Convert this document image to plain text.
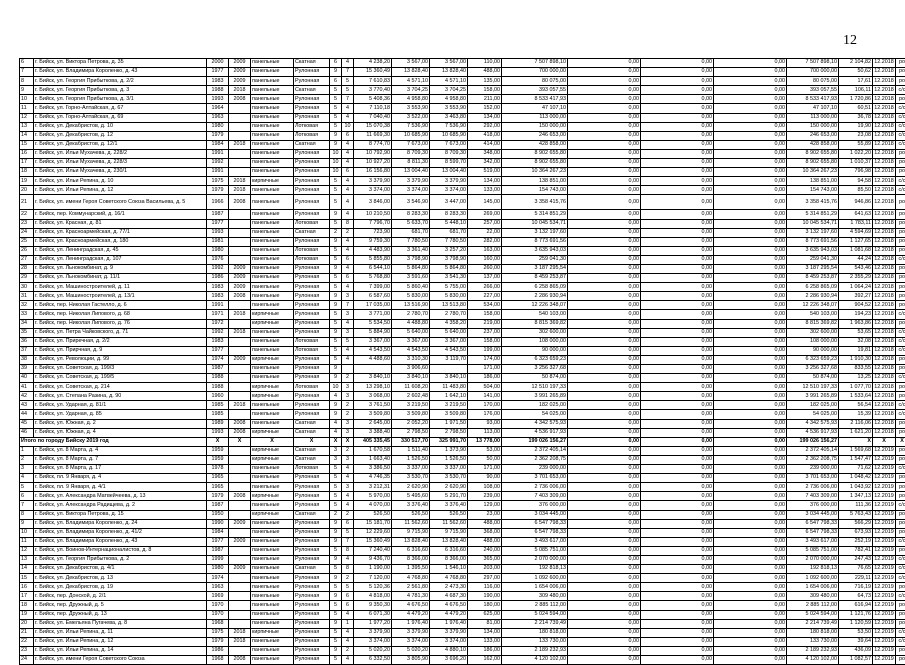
12
6	г. Бийск, ул. Виктора Петрова, д. 35	2000	2009	панельные	Скатная	6	4	4 238,20	3 567,00	3 567,00	110,00	7 507 898,10	0,00	0,00	0,00	7 507 898,10	2 104,82	12.2018	ро
7	г. Бийск, ул. Владимира Короленко, д. 43	1977	2009	панельные	Рулонная	9	7	15 360,49	13 828,40	13 828,40	488,00	700 000,00	0,00	0,00	0,00	700 000,00	50,62	12.2018	ро
8	г. Бийск, ул. Георгия Прибыткова, д. 2/2	1983	2009	панельные	Рулонная	6	5	7 610,83	4 571,10	4 571,10	135,00	80 075,00	0,00	0,00	0,00	80 075,00	17,61	12.2018	ро
9	г. Бийск, ул. Георгия Прибыткова, д. 3	1988	2018	панельные	Скатная	5	5	3 770,40	3 704,25	3 704,25	158,00	393 057,55	0,00	0,00	0,00	393 057,55	106,11	12.2018	с/с
10	г. Бийск, ул. Георгия Прибыткова, д. 3/1	1993	2008	панельные	Рулонная	5	7	5 408,36	4 958,80	4 958,80	211,00	8 533 417,93	0,00	0,00	0,00	8 533 417,93	1 720,86	12.2018	ро
11	г. Бийск, ул. Горно-Алтайская, д. 67	1964		панельные	Рулонная	5	4	7 110,18	3 553,90	3 553,90	152,00	47 107,10	0,00	0,00	0,00	47 107,10	60,51	12.2018	с/с
12	г. Бийск, ул. Горно-Алтайская, д. 69	1963		панельные	Рулонная	5	4	7 040,40	3 522,00	3 463,80	134,00	113 000,00	0,00	0,00	0,00	113 000,00	36,78	12.2018	с/с
13	г. Бийск, ул. Декабристов, д. 10	1980		панельные	Лотковая	5	10	15 070,38	7 536,90	7 536,90	292,00	150 000,00	0,00	0,00	0,00	150 000,00	19,90	12.2018	с/с
14	г. Бийск, ул. Декабристов, д. 12	1979		панельные	Лотковая	9	6	11 669,30	10 685,90	10 685,90	418,00	246 653,00	0,00	0,00	0,00	246 653,00	23,08	12.2018	с/с
15	г. Бийск, ул. Декабристов, д. 12/1	1984	2018	панельные	Скатная	9	4	8 774,70	7 673,00	7 673,00	414,00	428 858,00	0,00	0,00	0,00	428 858,00	55,89	12.2018	с/с
16	г. Бийск, ул. Ильи Мухачева, д. 228/2	1991		панельные	Рулонная	10	4	10 792,90	8 709,30	8 709,30	348,00	8 902 655,80	0,00	0,00	0,00	8 902 655,80	1 022,20	12.2018	ро
17	г. Бийск, ул. Ильи Мухачева, д. 228/3	1992		панельные	Рулонная	10	4	10 927,20	8 811,30	8 599,70	342,00	8 902 655,80	0,00	0,00	0,00	8 902 655,80	1 010,37	12.2018	ро
18	г. Бийск, ул. Ильи Мухачева, д. 230/1	1991		панельные	Рулонная	10	6	16 156,80	13 004,40	13 004,40	519,00	10 364 267,23	0,00	0,00	0,00	10 364 267,23	796,98	12.2018	ро
19	г. Бийск, ул. Ильи Репина, д. 10	1975	2018	кирпичные	Рулонная	5	4	3 379,90	3 379,90	3 379,90	134,00	138 851,00	0,00	0,00	0,00	138 851,00	94,58	12.2018	с/с
20	г. Бийск, ул. Ильи Репина, д. 12	1979	2018	панельные	Рулонная	5	4	3 374,00	3 374,00	3 374,00	133,00	154 743,00	0,00	0,00	0,00	154 743,00	85,50	12.2018	с/с
21	г. Бийск, ул. имени Героя Советского Союза Васильева, д. 5	1966	2008	панельные	Рулонная	5	4	3 846,00	3 546,90	3 447,00	145,00	3 358 415,76	0,00	0,00	0,00	3 358 415,76	946,86	12.2018	ро
22	г. Бийск, пер. Коммунарский, д. 16/1	1987		панельные	Рулонная	9	4	10 210,50	8 283,30	8 283,30	269,00	5 314 851,29	0,00	0,00	0,00	5 314 851,29	641,63	12.2018	ро
23	г. Бийск, ул. Красная, д. 81	1977		панельные	Лотковая	5	8	7 796,70	5 633,70	5 448,10	257,00	10 045 534,71	0,00	0,00	0,00	10 045 534,71	1 783,11	12.2018	ро
24	г. Бийск, ул. Красноармейская, д. 77/1	1993		панельные	Скатная	2	2	723,90	681,70	681,70	22,00	3 132 197,60	0,00	0,00	0,00	3 132 197,60	4 594,69	12.2018	ро
25	г. Бийск, ул. Красноармейская, д. 180	1981		панельные	Рулонная	9	4	9 759,30	7 780,50	7 780,50	282,00	8 773 691,56	0,00	0,00	0,00	8 773 691,56	1 127,65	12.2018	ро
26	г. Бийск, ул. Ленинградская, д. 45	1980		панельные	Лотковая	5	4	4 483,90	3 361,40	3 257,20	163,00	3 635 943,03	0,00	0,00	0,00	3 635 943,03	1 081,68	12.2018	ро
27	г. Бийск, ул. Ленинградская, д. 107	1976		панельные	Лотковая	5	6	5 855,80	3 798,90	3 798,90	160,00	259 041,30	0,00	0,00	0,00	259 041,30	44,24	12.2018	с/с
28	г. Бийск, ул. Льнокомбинат, д. 9	1992	2009	панельные	Рулонная	9	4	6 544,10	5 864,80	5 864,80	260,00	3 187 295,54	0,00	0,00	0,00	3 187 295,54	543,46	12.2018	ро
29	г. Бийск, ул. Льнокомбинат, д. 11/1	1986	2009	панельные	Рулонная	5	6	5 768,80	3 591,60	3 541,30	137,00	8 459 253,87	0,00	0,00	0,00	8 459 253,87	2 355,29	12.2018	ро
30	г. Бийск, ул. Машиностроителей, д. 11	1983	2009	панельные	Рулонная	5	4	7 399,00	5 860,40	5 755,00	266,00	6 258 865,09	0,00	0,00	0,00	6 258 865,09	1 064,24	12.2018	ро
31	г. Бийск, ул. Машиностроителей, д. 13/1	1983	2008	панельные	Рулонная	9	3	6 587,60	5 830,00	5 830,00	227,00	2 286 930,94	0,00	0,00	0,00	2 286 930,94	392,27	12.2018	ро
32	г. Бийск, пер. Николая Гастелло, д. 6	1991		панельные	Рулонная	9	7	17 035,00	13 516,90	13 513,80	534,00	12 226 348,07	0,00	0,00	0,00	12 226 348,07	904,52	12.2018	ро
33	г. Бийск, пер. Николая Липового, д. 68	1971	2018	кирпичные	Рулонная	5	3	3 771,00	2 780,70	2 780,70	158,00	540 103,00	0,00	0,00	0,00	540 103,00	194,23	12.2018	с/с
34	г. Бийск, пер. Николая Липового, д. 76	1972		кирпичные	Рулонная	5	4	5 534,50	4 488,80	4 358,20	219,00	8 815 369,82	0,00	0,00	0,00	8 815 369,82	1 963,86	12.2018	ро
35	г. Бийск, ул. Петра Чайковского, д. 71	1992	2018	панельные	Рулонная	9	3	5 884,90	5 640,00	5 640,00	237,00	302 600,00	0,00	0,00	0,00	302 600,00	53,65	12.2018	с/с
36	г. Бийск, ул. Приречная, д. 2/2	1983		панельные	Лотковая	5	5	3 367,00	3 367,00	3 367,00	158,00	108 000,00	0,00	0,00	0,00	108 000,00	32,08	12.2018	с/с
37	г. Бийск, ул. Прирчная, д. 9	1977		панельные	Лотковая	5	4	4 543,50	4 543,50	4 543,50	199,00	90 000,00	0,00	0,00	0,00	90 000,00	19,81	12.2018	с/с
38	г. Бийск, ул. Революции, д. 99	1974	2009	кирпичные	Рулонная	5	4	4 488,60	3 310,30	3 119,70	174,00	6 323 659,23	0,00	0,00	0,00	6 323 659,23	1 910,30	12.2018	ро
39	г. Бийск, ул. Советская, д. 199/3	1987		панельные	Рулонная	9			3 906,60		171,00	3 256 327,68	0,00	0,00	0,00	3 256 327,68	833,55	12.2018	ро
40	г. Бийск, ул. Советская, д. 199/5	1988		панельные	Рулонная	9	2	3 840,10	3 840,10	3 840,10	186,00	50 874,00	0,00	0,00	0,00	50 874,00	13,25	12.2018	с/с
41	г. Бийск, ул. Советская, д. 214	1988		кирпичные	Лотковая	10	3	13 298,10	11 608,20	11 483,80	504,00	12 510 197,33	0,00	0,00	0,00	12 510 197,33	1 077,70	12.2018	ро
42	г. Бийск, ул. Степана Разина, д. 90	1960		кирпичные	Рулонная	4	3	3 068,00	2 602,48	1 642,10	141,00	3 991 265,89	0,00	0,00	0,00	3 991 265,89	1 533,64	12.2018	ро
43	г. Бийск, ул. Ударная, д. 81/1	1985	2018	панельные	Рулонная	9	2	3 761,50	3 219,50	3 219,50	170,00	182 025,00	0,00	0,00	0,00	182 025,00	56,54	12.2018	с/с
44	г. Бийск, ул. Ударная, д. 85	1985		панельные	Рулонная	9	2	3 509,80	3 509,80	3 509,80	176,00	54 025,00	0,00	0,00	0,00	54 025,00	15,39	12.2018	с/с
45	г. Бийск, ул. Южная, д. 2	1989	2008	панельные	Скатная	4	3	2 645,00	2 052,20	1 971,50	93,00	4 342 575,93	0,00	0,00	0,00	4 342 575,93	2 116,06	12.2018	ро
46	г. Бийск, ул. Южная, д. 4	1993	2008	кирпичные	Скатная	4	3	3 388,40	2 798,50	2 798,50	113,00	4 536 917,93	0,00	0,00	0,00	4 536 917,93	1 621,20	12.2018	ро
Итого по городу Бийску 2019 год		X	X	X	X	X	X	405 335,45	330 517,70	325 991,70	13 778,00	199 026 156,27	0,00	0,00	0,00	199 026 156,27	X	X	X
1	г. Бийск, ул. 8 Марта, д. 4	1959		кирпичные	Скатная	3	2	1 670,58	1 511,40	1 373,90	53,00	2 372 405,14	0,00	0,00	0,00	2 372 405,14	1 569,68	12.2019	ро
2	г. Бийск, ул. 8 Марта, д. 7	1959		кирпичные	Скатная	3	3	1 663,40	1 526,50	1 526,50	50,00	2 362 208,75	0,00	0,00	0,00	2 362 208,75	1 547,47	12.2019	ро
3	г. Бийск, ул. 8 Марта, д. 17	1978		панельные	Лотковая	5	4	3 386,50	3 337,00	3 337,00	171,00	239 000,00	0,00	0,00	0,00	239 000,00	71,62	12.2019	с/с
4	г. Бийск, пл. 9 Января, д. 4	1965		панельные	Рулонная	5	4	4 746,35	3 530,70	3 530,70	90,00	3 701 653,00	0,00	0,00	0,00	3 701 653,00	1 048,42	12.2019	ро
5	г. Бийск, пл. 9 Января, д. 4/1	1965		панельные	Рулонная	5	3	3 212,31	2 620,90	2 620,90	108,00	2 736 006,00	0,00	0,00	0,00	2 736 006,00	1 043,92	12.2019	ро
6	г. Бийск, ул. Александра Матвейчеева, д. 13	1979	2008	кирпичные	Рулонная	5	4	5 970,00	5 495,60	5 291,70	239,00	7 403 309,00	0,00	0,00	0,00	7 403 309,00	1 347,13	12.2019	ро
7	г. Бийск, ул. Александра Радищева, д. 2	1987		панельные	Рулонная	5	4	4 070,00	3 376,40	3 376,40	129,00	376 000,00	0,00	0,00	0,00	376 000,00	111,36	12.2019	с/с
8	г. Бийск, ул. Виктора Петрова, д. 15	1950		кирпичные	Скатная	2	2	526,50	526,50	526,50	23,00	3 034 445,00	0,00	0,00	0,00	3 034 445,00	5 763,43	12.2019	ро
9	г. Бийск, ул. Владимира Короленко, д. 24	1990	2009	панельные	Рулонная	9	6	15 181,70	11 562,60	11 562,60	488,00	6 547 798,33	0,00	0,00	0,00	6 547 798,33	566,29	12.2019	ро
10	г. Бийск, ул. Владимира Короленко, д. 41/2	1984		панельные	Рулонная	9	5	12 229,60	9 715,90	9 715,90	368,00	6 547 798,33	0,00	0,00	0,00	6 547 798,33	673,93	12.2019	ро
11	г. Бийск, ул. Владимира Короленко, д. 43	1977	2009	панельные	Рулонная	9	7	15 360,49	13 828,40	13 828,40	488,00	3 493 617,00	0,00	0,00	0,00	3 493 617,00	252,19	12.2019	с/с
12	г. Бийск, ул. Воинов-Интернационалистов, д. 8	1987		панельные	Рулонная	5	8	7 240,40	6 316,60	6 316,60	240,00	5 085 751,00	0,00	0,00	0,00	5 085 751,00	782,41	12.2019	ро
13	г. Бийск, ул. Георгия Прибыткова, д. 2	1999		панельные	Рулонная	9	4	9 436,70	8 366,00	8 366,00	365,00	2 070 000,00	0,00	0,00	0,00	2 070 000,00	247,43	12.2019	с/с
14	г. Бийск, ул. Декабристов, д. 4/1	1980	2009	панельные	Скатная	5	8	1 190,00	1 395,50	1 546,10	203,00	192 818,13	0,00	0,00	0,00	192 818,13	76,65	12.2019	с/с
15	г. Бийск, ул. Декабристов, д. 13	1974		панельные	Рулонная	9	2	7 120,00	4 768,80	4 768,80	297,00	1 092 600,00	0,00	0,00	0,00	1 092 600,00	229,11	12.2019	с/с
16	г. Бийск, ул. Декабристов, д. 19	1963		панельные	Рулонная	5	5	5 120,36	2 561,80	2 473,30	116,00	1 654 006,00	0,00	0,00	0,00	1 654 006,00	716,19	12.2019	ро
17	г. Бийск, пер. Донской, д. 2/1	1969		панельные	Рулонная	9	6	4 818,00	4 781,30	4 687,30	190,00	309 480,00	0,00	0,00	0,00	309 480,00	64,73	12.2019	с/с
18	г. Бийск, пер. Дружный, д. 5	1970		панельные	Рулонная	5	6	9 350,30	4 676,50	4 676,50	180,00	2 885 112,00	0,00	0,00	0,00	2 885 112,00	616,94	12.2019	ро
19	г. Бийск, пер. Дружный, д. 13	1970		панельные	Рулонная	5	4	6 071,30	4 479,20	4 479,20	625,00	5 024 594,00	0,00	0,00	0,00	5 024 594,00	1 121,76	12.2019	ро
20	г. Бийск, ул. Емельяна Пугачева, д. 8	1968		панельные	Рулонная	9	1	1 977,20	1 976,40	1 976,40	81,00	2 214 739,49	0,00	0,00	0,00	2 214 739,49	1 120,59	12.2019	ро
21	г. Бийск, ул. Ильи Репина, д. 11	1975	2018	кирпичные	Рулонная	5	4	3 379,90	3 379,90	3 379,90	134,00	180 818,00	0,00	0,00	0,00	180 818,00	53,50	12.2019	с/с
22	г. Бийск, ул. Ильи Репина, д. 12	1979	2018	панельные	Рулонная	5	4	3 374,00	3 374,00	3 374,00	133,00	133 730,00	0,00	0,00	0,00	133 730,00	39,64	12.2019	с/с
23	г. Бийск, ул. Ильи Репина, д. 14	1986		панельные	Рулонная	9	2	5 020,20	5 020,20	4 880,10	186,00	2 189 232,93	0,00	0,00	0,00	2 189 232,93	436,09	12.2019	ро
24	г. Бийск, ул. имени Героя Советского Союза	1968	2008	панельные	Рулонная	5	4	6 332,50	3 805,90	3 696,20	162,00	4 120 102,00	0,00	0,00	0,00	4 120 102,00	1 082,57	12.2019	ро
